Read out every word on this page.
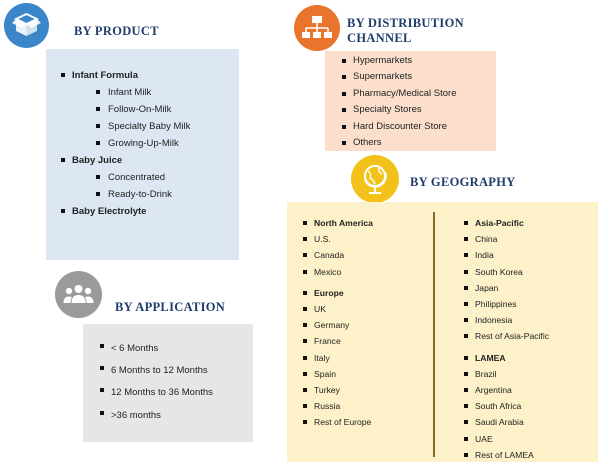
BY PRODUCT
Infant Formula
Infant Milk
Follow-On-Milk
Specialty Baby Milk
Growing-Up-Milk
Baby Juice
Concentrated
Ready-to-Drink
Baby Electrolyte
BY DISTRIBUTION
CHANNEL
Hypermarkets
Supermarkets
Pharmacy/Medical Store
Specialty Stores
Hard Discounter Store
Others
BY GEOGRAPHY
North America
U.S.
Canada
Mexico
Europe
UK
Germany
France
Italy
Spain
Turkey
Russia
Rest of Europe
Asia-Pacific
China
India
South Korea
Japan
Philippines
Indonesia
Rest of Asia-Pacific
LAMEA
Brazil
Argentina
South Africa
Saudi Arabia
UAE
Rest of LAMEA
BY APPLICATION
< 6 Months
6 Months to 12 Months
12 Months to 36 Months
>36 months
